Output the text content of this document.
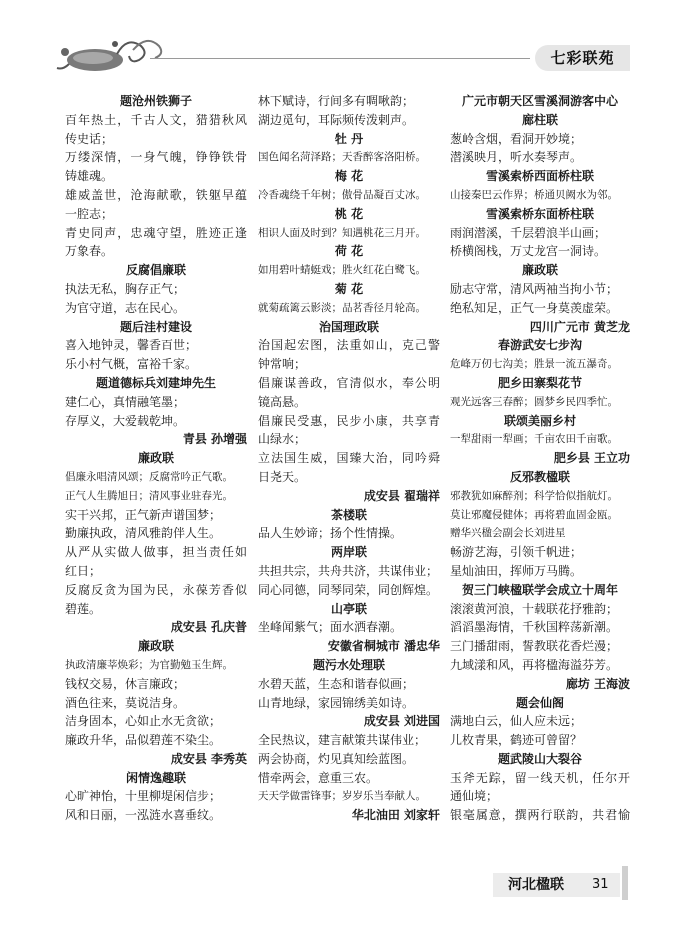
七彩联苑
题沧州铁狮子
百年热土，千古人文，猎猎秋风
传史话；
万缕深情，一身气魄，铮铮铁骨
铸雄魂。
雄威盖世，沧海献歌，铁躯早蕴
一腔志；
青史同声，忠魂守望，胜迹正逢
万象春。
反腐倡廉联
执法无私，胸存正气；
为官守道，志在民心。
题后洼村建设
喜入地钟灵，馨香百世；
乐小村气概，富裕千家。
题道德标兵刘建坤先生
建仁心，真情融笔墨；
存厚义，大爱载乾坤。
青县 孙增强
廉政联
倡廉永唱清风颂；反腐常吟正气歌。
正气人生腾旭日；清风事业驻春光。
实干兴邦，正气新声谱国梦；
勤廉执政，清风雅韵伴人生。
从严从实做人做事，担当责任如
红日；
反腐反贪为国为民，永葆芳香似
碧莲。
成安县 孔庆普
廉政联
执政清廉莘焕彩；为官勤勉玉生辉。
钱权交易，休言廉政；
酒色往来，莫说洁身。
洁身固本，心如止水无贪欲；
廉政升华，品似碧莲不染尘。
成安县 李秀英
闲情逸趣联
心旷神怡，十里柳堤闲信步；
风和日丽，一泓涟水喜垂纹。
林下赋诗，行间多有啁啾韵；
湖边觅句，耳际频传泼剌声。
牡 丹
国色闻名菏泽路；天香醉客洛阳桥。
梅 花
冷香魂绕千年树；傲骨品凝百丈冰。
桃 花
相识人面及时到？知遇桃花三月开。
荷 花
如用碧叶蜻蜓戏；胜火红花白鹭飞。
菊 花
就菊疏篱云影淡；品茗香径月轮高。
治国理政联
治国起宏图，法重如山，克己警
钟常响；
倡廉谋善政，官清似水，奉公明
镜高悬。
倡廉民受惠，民步小康，共享青
山绿水；
立法国生威，国臻大治，同吟舜
日尧天。
成安县 翟瑞祥
茶楼联
品人生妙谛；扬个性情操。
两岸联
共担共宗，共舟共济，共谋伟业；
同心同德，同琴同荣，同创辉煌。
山亭联
坐峰闻紫气；面水洒春潮。
安徽省桐城市 潘忠华
题污水处理联
水碧天蓝，生态和谐春似画；
山青地绿，家园锦绣美如诗。
成安县 刘进国
全民热议，建言献策共谋伟业；
两会协商，灼见真知绘蓝图。
惜牵两会，意重三农。
天天学做雷锋事；岁岁乐当奉献人。
华北油田 刘家轩
广元市朝天区雪溪洞游客中心
廊柱联
葱岭含烟，看洞开妙境；
潜溪映月，听水奏琴声。
雪溪索桥西面桥柱联
山接秦巴云作界；桥通贝阙水为邻。
雪溪索桥东面桥柱联
雨润潜溪，千层碧浪半山画；
桥横阁栈，万丈龙宫一洞诗。
廉政联
励志守常，清风两袖当拘小节；
绝私知足，正气一身莫羡虚荣。
四川广元市 黄芝龙
春游武安七步沟
危峰万仞七沟美；胜景一流五瀑奇。
肥乡田寨梨花节
观光远客三春醉；圆梦乡民四季忙。
联颂美丽乡村
一犁甜雨一犁画；千亩农田千亩歌。
肥乡县 王立功
反邪教楹联
邪教犹如麻醉剂；科学恰似指航灯。
莫让邪魔侵健体；再将碧血固金瓯。
赠华兴楹会副会长刘进星
畅游艺海，引领千帆进；
星灿油田，挥师万马腾。
贺三门峡楹联学会成立十周年
滚滚黄河浪，十载联花抒雅韵；
滔滔墨海情，千秋国粹荡新潮。
三门播甜雨，誓教联花香烂漫；
九域漾和风，再将楹海溢芬芳。
廊坊 王海波
题会仙阁
满地白云，仙人应未远；
儿枚青果，鹤迹可曾留？
题武陵山大裂谷
玉斧无踪，留一线天机，任尔开
通仙境；
银毫属意，撰两行联韵，共君愉
河北楹联 31
